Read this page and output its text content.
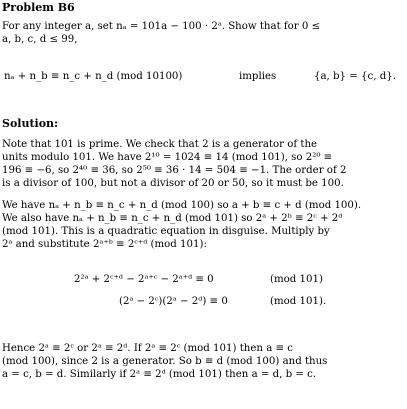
Problem B6
For any integer a, set nₐ = 101a − 100 · 2ᵃ. Show that for 0 ≤
a, b, c, d ≤ 99,
nₐ + n_b ≡ n_c + n_d (mod 10100)	implies	{a, b} = {c, d}.
Solution:
Note that 101 is prime. We check that 2 is a generator of the
units modulo 101. We have 2¹⁰ = 1024 ≡ 14 (mod 101), so 2²⁰ ≡
196 ≡ −6, so 2⁴⁰ ≡ 36, so 2⁵⁰ ≡ 36 · 14 = 504 ≡ −1. The order of 2
is a divisor of 100, but not a divisor of 20 or 50, so it must be 100.
We have nₐ + n_b ≡ n_c + n_d (mod 100) so a + b ≡ c + d (mod 100).
We also have nₐ + n_b ≡ n_c + n_d (mod 101) so 2ᵃ + 2ᵇ ≡ 2ᶜ + 2ᵈ
(mod 101). This is a quadratic equation in disguise. Multiply by
2ᵃ and substitute 2ᵃ⁺ᵇ ≡ 2ᶜ⁺ᵈ (mod 101):
2²ᵃ + 2ᶜ⁺ᵈ − 2ᵃ⁺ᶜ − 2ᵃ⁺ᵈ ≡ 0	(mod 101)
(2ᵃ − 2ᶜ)(2ᵃ − 2ᵈ) ≡ 0	(mod 101).
Hence 2ᵃ ≡ 2ᶜ or 2ᵃ ≡ 2ᵈ. If 2ᵃ ≡ 2ᶜ (mod 101) then a ≡ c
(mod 100), since 2 is a generator. So b ≡ d (mod 100) and thus
a = c, b = d. Similarly if 2ᵃ ≡ 2ᵈ (mod 101) then a = d, b = c.
